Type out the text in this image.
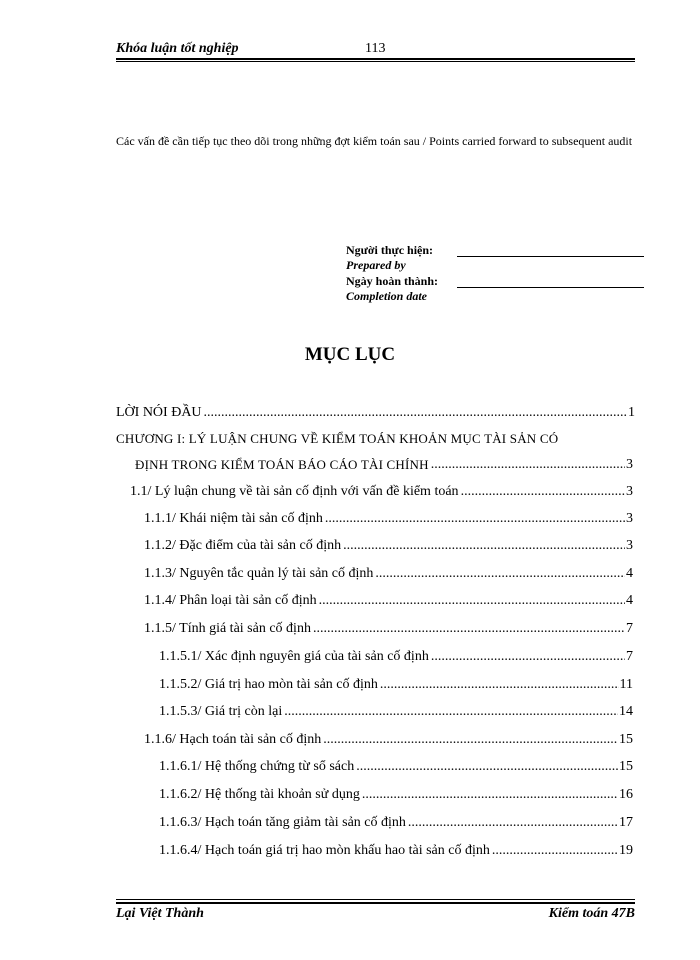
Khóa luận tốt nghiệp	113
Các vấn đề cần tiếp tục theo dõi trong những đợt kiểm toán sau / Points carried forward to subsequent audit
Người thực hiện:
Prepared by
Ngày hoàn thành:
Completion date
MỤC LỤC
LỜI NÓI ĐẦU .....	1
CHƯƠNG I: LÝ LUẬN CHUNG VỀ KIỂM TOÁN KHOẢN MỤC TÀI SẢN CÓ
ĐỊNH TRONG KIỂM TOÁN BÁO CÁO TÀI CHÍNH .....	3
1.1/ Lý luận chung về tài sản cố định với vấn đề kiểm toán .....	3
1.1.1/ Khái niệm tài sản cố định .....	3
1.1.2/ Đặc điểm của tài sản cố định .....	3
1.1.3/ Nguyên tắc quản lý tài sản cố định .....	4
1.1.4/ Phân loại tài sản cố định .....	4
1.1.5/ Tính giá tài sản cố định .....	7
1.1.5.1/ Xác định nguyên giá của tài sản cố định .....	7
1.1.5.2/ Giá trị hao mòn tài sản cố định .....	11
1.1.5.3/ Giá trị còn lại .....	14
1.1.6/ Hạch toán tài sản cố định .....	15
1.1.6.1/ Hệ thống chứng từ sổ sách .....	15
1.1.6.2/ Hệ thống tài khoản sử dụng .....	16
1.1.6.3/ Hạch toán tăng giảm tài sản cố định .....	17
1.1.6.4/ Hạch toán giá trị hao mòn khấu hao tài sản cố định .....	19
Lại Việt Thành	Kiểm toán 47B
